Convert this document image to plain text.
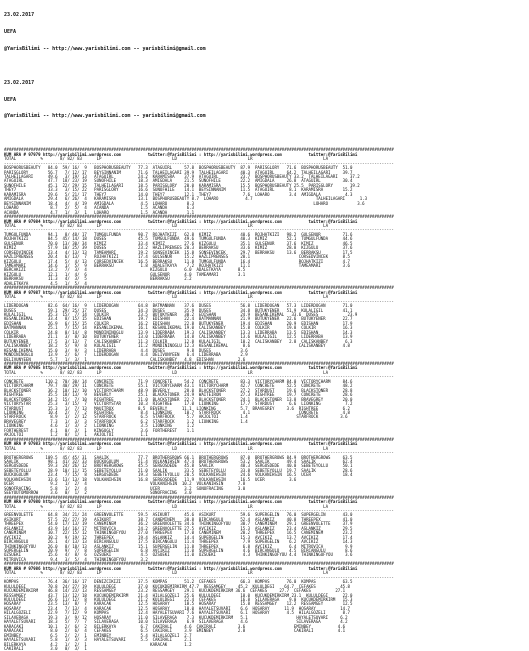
23.02.2017

UEFA

@YarisBilimi -- http://www.yarisbilimi.com -- yarisbilimi@gmail.com

23.02.2017

UEFA

@YarisBilimi -- http://www.yarisbilimi.com -- yarisbilimi@gmail.com

################################################################################################################################################################
KUM ARA # 97979 http://yarisbilimi.wordpress.com           twitter:@YarisBilimi : http://yarisbilimi.wordpress.com           twitter:@YarisBilimi
TOTAL          %       8/ 82/ 83      LP                             LD                             LR                             LA
----------------------------------------------------------------------------------------------------------------------------------------------------------------
BOSPHORUSBEAUTY   84.0  59/ 16/  9   BOSPHORUSBEAUTY   77.3  ATAGUIRL     57.8  BOSPHORUSBEAUTY  87.9  PARISGLORY   71.6  BOSPHORUSBEAUTY  51.0
PARISGLORY        56.7   7/ 12/ 17   BEYSINNANIM       71.6  TALHEILAGARI 39.9  TALHEILAGARI     40.3  ATAGUIRL     64.2  TALHEILAGARI     39.7
TALHEILAGARI      49.6   3/ 19/ 13   ATAGUIRL          24.2  KARAMISRA    37.9  ATAGUIRL         23.7  BOSPHORUSBEAUTY 33.2  TALHEILAGARI     37.2
ATAGUIRL          47.7  18/ 23/ 19   SUNOFHILE         18.3  AMIGDALA     21.5  SUNOFHILE        22.2  AMIGDALA     26.8  ATAGUIRL         30.4
SUNOFHILE         45.1  22/ 29/ 15   TALHEILAGARI      18.5  PARISGLORY   20.0  KARAMISRA        15.5  BOSPHORUSBEAUTY 25.5  PARISGLORY       19.2
THEY7             33.3   3/ 15/ 22   PARISGLORY        16.6  SUNOFHILE    14.1  BEYSINNANIM      11.5  ATAGUIRL      8.1  KARAMISRA        15.2
KARAMISRA         29.6   5/ 21/ 17   THEY7             14.0  THEY7        12.1  THEY7             7.6  LOHARO        3.4  AMIGDALA          4.3
AMIGDALA          29.4   6/ 26/  4   KARAMISRA         13.1  BOSPHORUSBEAUTY 8.7  LOHARO           4.7                          TALHEILAGARI      1.3
BEYSINNANIM       18.4   4/  4/ 19   AMIGDALA           4.5  LOHARO        8.3                                                 LOHARO            3.6
LOHARO             8.7   2/  5/  4   ACANDA             1.5  ACANDA        6.3
ACANDA             4.7   1/  3/  1   LOHARO             1.5  ACANDA        1.1
################################################################################################################################################################
KUM ARA # 97984 http://yarisbilimi.wordpress.com           twitter:@YarisBilimi : http://yarisbilimi.wordpress.com           twitter:@YarisBilimi
TOTAL          %       8/ 82/ 83      LP                             LD                             LR                             LA
----------------------------------------------------------------------------------------------------------------------------------------------------------------
TUMGULFUNDA       94.1   8/ 48/ 17   TUMGULFUNDA       90.7  ROJHATKIZI   62.8  KIMIZ            40.6  ROJHATKIZI   98.2  GULSENUR         71.6
ROJHATKIZI        84.5  45/ 14/ 18   DUSES             45.5  TUMGULFUNDA  49.6  TUMGULFUNDA      40.3  KIMIZ        52.1  TUMGULFUNDA      44.6
GULSENUR          70.0  13/ 30/ 34   KIMIZ             33.4  KIMIZ        27.6  KIZGULU          35.1  GULSENUR     37.6  KIMIZ            46.5
KIMIZ             57.9  10/ 25/ 39   DUSES             23.2  HAZLIPRENSES 20.3  BERRAKSU         33.6  KIMIZ        28.8  KIZGULU          37.6
CORSEDVINCEK      23.4   4/ 13/ 13   TAMEAMARI         19.2  SONSEVINCEK  15.8  SONSEVINCEK      29.7  BERRAKSU     13.6  BERRAKSU         17.5
HAZLIPRENSES      20.4   6/ 13/  7   ROJHATKIZI        17.4  GULSENUR     15.2  HAZLIPRENSES     20.1                    CORSEDVINCEK      8.5
KIZGULU           17.4   5/  4/ 13   CORSEDVINCEK      16.5  BERRAKSU     11.8  TUMGULFUNDA      16.4                    ROJHATKIZI        4.7
TAMEAMARI         14.6   1/  5/  9   BERRAKSU           1.8  ADALETKAYA    7.2  ROJHATKIZI       11.1                    TAMEAMARI         3.6
BERCAKIZI         13.2   7/  3/  4                          KIZGULU       6.0  ADALETKAYA       8.5
KIZGULU           12.1   1/  4/  6                          GULSENUR      4.0  TAMEAMARI        3.1
BERRAKSU          11.3   4/  3/  5                          BERRAKSU      2.2
ADALETKAYA         4.5   1/  5/  4
################################################################################################################################################################
KUM ARA # 97987 http://yarisbilimi.wordpress.com           twitter:@YarisBilimi : http://yarisbilimi.wordpress.com           twitter:@YarisBilimi
TOTAL          %       8/ 82/ 83      LP                             LD                             LR                             LA
----------------------------------------------------------------------------------------------------------------------------------------------------------------
LIDERDOGAN        82.6  64/ 16/  9   LIDERDOGAN        64.8  BATMANNAN    37.6  DUSES            56.8  LIDERDOGAN   57.3  LIDERDOGAN       71.0
DUSES             59.1  29/ 25/ 17   DUSES             34.3  DUSES        35.9  DUSES            34.8  BUTUKYENER   51.9  KULALIGIL        41.1
KULALIGIL         35.3  15/  7/ 14   COLKIR            23.5  BUTUKYENER   30.2  EDISHAN          24.9  BESANLIKEMAL   33.6  DUSES            23.9
KESANLIKEMAL      33.4   8/ 15/ 15   EDISHAN           19.7  EDISHAN      22.4  BATMANNAN        21.9  BUTUKYENER   22.6  BUTUKYENER       22.7
EDISHAN           26.9   6/ 15/ 15   COLKIR            16.2  EDISHAN      22.8  BUTUKYENER       19.4  EDISHAN      20.9  EDISHAN          17.9
BATMANNAN         25.1   7/ 15/ 14   KESANLIKEMAL      16.1  KESANLIKEMAL 19.0  CALISKANBEY      15.8  COLKIR       19.8  COLKIR           16.3
COLKIR            24.8   8/ 14/  8   MONDININOGLU      13.9  LIDERRABA    19.3  CALISKANBEY      13.3  LIDERRABA    13.5  EDISHAN          14.3
LIDERRABA         21.1   3/  8/ 10   BUTUKYENER        13.0  LIDERRABA    14.8  CALISKANBEY      13.6  KULALIGIL    12.5  LIDERRABA        13.9
BUTUKYENER        17.5   3/ 13/  7   CALISKANBEY       11.3  COLKIR       12.8  KULALIGIL        10.2  CALISKANBEY   2.8  CALISKANBEY       6.3
CALISKANBEY       18.2   5/  9/  8   KULALIGIL         11.2  MONDININOGLU 12.3  KESANLIKEMAL      8.6                    CALISKANBEY       4.8
KESANLIKEMAL      15.0   3/  9/  3   LIDERRABA          4.4  DUSES         9.8  DUSES            3.6
MONDININOGLU      13.9   2/  6/  7   LIDERDOGAN         4.4  DELIVUNYEEN   6.4  LIDERRABA        2.9
DELIVUNYEEN        5.7   1/  3/  1                          CALISKANBEY   4.8  EDISHAN          2.6
################################################################################################################################################################
KUM ARA # 97985 http://yarisbilimi.wordpress.com           twitter:@YarisBilimi : http://yarisbilimi.wordpress.com           twitter:@YarisBilimi
TOTAL          %       8/ 82/ 83      LP                             LD                             LR                             LA
----------------------------------------------------------------------------------------------------------------------------------------------------------------
CONCRETE         110.2  70/ 30/ 14   CONCRETE          71.9  CONCRETE     54.2  CONCRETE         83.3  VICTORYCHARM 84.0  VICTORYCHARM     84.6
VICTORYCHARM      79.7  40/ 29/ 11   CONCRETE          55.1  VICTORYCHARM 43.1  VICTORYCHARM     42.7  CONCRETE     52.5  CONCRETE         48.2
BLACKSTONER       36.2  10/ 12/ 10   VICTORYCHARM      48.9  BEVERLY      28.0  BLACKSTONER      27.2  STARDUST     19.6  BLACKSTONER      28.8
RIGHTREE          35.5  18/ 13/  9   BEVERLY           25.1  BLACKSTONER  24.9  WAITEIRON        27.3  RIGHTREE     19.7  CONCRETE         28.6
BLACKSTONER       34.2  15/  7/ 10   RIGHTREE          21.0  BLACKSTONER  22.7  BLACKSTONER      24.1  BLACKSTONER  13.8  BRAVEGREY        20.0
VICTORYSTAR       25.3   3/ 15/  7   VICTORYSTAR       10.3  RIGHTREE     17.0  LIONKING         17.7  STARDUST      6.6  LIONKING          7.2
STARDUST          15.3   1/  7/ 13   MAUITROX          8.5  BEVERLY      11.1  LIONKING          5.7  BRAVEGREY     3.6  RIGHTREE          6.2
LIONKING          10.4   2/  7/  2   RIGHTREE           8.4  LIONKING     10.7  STARFROCK         4.1                    CONCRETE          4.8
STARFROCK          8.9   1/  2/ 12   STARFROCK          6.5  STARFROCK     5.7  AKJOLTOI         1.4                    STARFROCK         3.6
BRAVEGREY          7.3   1/  3/  3   STARFROCK          6.2  STARFROCK     1.2  LIONKING         1.4
LIONKING           4.6   1/  3/  2   LIONKING           3.5  LIONKING      1.2
FORTHEREST         4.1   0/  3/  1   KINGUGLY           3.6  FORTHEREST    1.1
AKJOLTOI           1.2   0/  1/  1   AKJOLTOI           1.1
################################################################################################################################################################
KUM ARA # 97983 http://yarisbilimi.wordpress.com           twitter:@YarisBilimi : http://yarisbilimi.wordpress.com           twitter:@YarisBilimi
TOTAL          %       8/ 82/ 83      LP                             LD                             LR                             LA
----------------------------------------------------------------------------------------------------------------------------------------------------------------
BROTHERGROWS     109.5  45/ 45/ 31   SAALIK            77.7  BROTHERGROWS 66.1  BROTHERGROWS     87.0  BROTHERGROWS 84.9  BROTHERGROWS     63.5
SAALIK            98.1  41/ 32/ 33   BUCKUGULUM        51.4  VOLKANIHSIN  47.4  BROTHERGROWS     53.2  SAALIK       49.4  SAALIK           62.4
SERGOSDEDE        59.3  24/ 26/ 12   BROTHERGROWS      45.5  SERGOSDEDE   45.8  SAALIK           48.3  SERGOSDEDE   40.0  SEBETEYOLLU      50.1
SEBETEYOLLU       28.9  10/ 11/ 15   SEBETEYOLLU       21.0  SAALIK       33.5  SEBETEYOLLU      33.8  SEBETEYOLLU  19.7  SAALIK           28.6
BUCKUGULUM        23.4   7/ 15/  8   SERGOSDEDE        19.3  SEBETEYOLLU  20.5  VOLKANIHSIN      24.6  VOLKANIHSIN  16.5  UCER             18.4
VOLKANIHSIN       33.6  13/ 13/ 18   VOLKANIHSIN       16.8  SERGOSDEDE   11.9  VOLKANIHSIN      16.5  UCER          3.6
UCER               9.2   1/  2/  4                          VOLKANIHSIN  10.2  VOLKANIHSIN      7.8
SONOFRACING        5.8   1/  2/  4                          UCER          3.2  SONOFRACING      3.0
SEEYOUTOMORROW     3.6   0/  1/  2                          SONOFRACING   3.0
################################################################################################################################################################
KUM ARA # 97980 http://yarisbilimi.wordpress.com           twitter:@YarisBilimi : http://yarisbilimi.wordpress.com           twitter:@YarisBilimi
TOTAL          %       8/ 82/ 83      LP                             LD                             LR                             LA
----------------------------------------------------------------------------------------------------------------------------------------------------------------
GREENVOLETTE      64.8  34/ 21/ 24   GREENVOLETTE      59.5  ASIKURT      45.6  ASIKURT          59.6  SUPERGELIN   76.0  SUPERGELIN       43.0
ASIKURT           57.5  22/ 27/ 19   ASIKURT           38.7  CANEMINEM    38.8  BIRCANGULU       52.4  ASLANKIZ     40.8  THREEPEX         41.0
THREEPEX          54.0  17/ 13/ 19   CANEMINEM         36.2  GREENVOLETTE 34.6  THINKINGOFYOU    30.7  CANEMINEM    29.1  GREENVOLETTE     37.9
ASLANKIZ          43.9  14/ 16/ 17   MITROVICA         24.2  GREENVOLETTE 27.5  AVCIKIZ          15.3  ASLANKIZ     23.4  ASLANKIZ         29.5
CANEMINEM         30.7  22/ 15/ 12   THINKINGOFYOU     27.0  THREEPEX     17.0  CANEMINEM        20.2  THREEPEX     16.5  CANEMINEM        23.2
AVCIKIZ           30.2   9/ 19/ 12   THREEPEX          19.4  ASLANKIZ     14.4  SUPERGELIN       15.3  AVCIKIZ      13.7  AVCIKIZ          17.4
BIRCANGULU        26.1   4/ 13/ 13   BIRCANGULU        17.5  BIRCANGULU   11.4  THREEPEX          7.9  SUPERGELIN    6.2  AVCIKIZ          14.3
THINKINGOFYOU     26.0   8/ 18/ 13   ASLANKIZ          15.1  SUPERGELIN   11.8  THREEPEX          6.8  AVCIKIZ       6.4  MITROVICA         9.9
SUPERGELIN        20.9   9/  7/  8   SUPERGELIN         6.8  AVCIKIZ      11.0  SUPERGELIN        4.6  BIRCANGULU    4.5  BIRCANGULU        8.6
OZSUEKI           15.6   4/  8/  6   OZSUEKI            4.5  OZSUEKI      11.0  OZSUEKI           4.3  THINKINGOFYOU 4.4  THINKINGOFYOU     3.6
MITROVICA          9.4   3/  5/  4   THINKINGOFYOU      3.2
################################################################################################################################################################
KUM ARA # 97986 http://yarisbilimi.wordpress.com           twitter:@YarisBilimi : http://yarisbilimi.wordpress.com           twitter:@YarisBilimi
TOTAL          %       8/ 82/ 83      LP                             LD                             LR                             LA
----------------------------------------------------------------------------------------------------------------------------------------------------------------
KOMPAS            76.4  36/ 16/ 17   DENIZCIKIZI       37.5  KOMPAS       51.2  CEFAKES          66.3  KOMPAS       76.0  KOMPAS           63.5
KULULDEGI         70.8  24/ 27/ 19   KULULDEGI         37.0  KUCUKDEMIRKIRM 47.7  RESSAMGEY     45.2  KULULDEGI    64.7  CEFAKES          45.8
KUCUKDEMIRKIRM    46.8  14/ 23/ 13   RESSAMGEY         23.2  RESSAMGEY    29.1  KUCUKDEMIRKIRM 36.6  CEFAKES     27.7  CEFAKES          27.1
RESSAMGEY         43.7  13/ 12/ 18   KUCUKDEMIRKIRM    21.4  HILALGOZELI  25.6  KULULDEGI        18.0  KUCUKDEMIRKIRM 23.1  KULULDEGI      22.0
KULULDEGI         26.6  11/ 12/  8   KULULDEGI         21.2  KULULDEGI    22.4  CEFAKES          16.8  SILAVERAGA    9.0  KUCUKDEMIRKIRM   15.3
HOSARAY           23.5  13/  8/  7   KARACAK           12.5  HOSARAY      18.5  HOSARAY          15.8  RESSAMGEY    12.2  RESSAMGEY        12.5
HOSARAY           23.4   7/ 13/  4   KARACAK           12.5  HOSARAY      18.0  HAYALETSUVARI    6.6  HOSARAY      11.9  HOSARAY          14.7
HILALGOZELI       22.9   7/ 12/  9   KOMPAS            12.4  HAYALETSUVARI 7.6  HAYALETSUVARI    6.1  HOSARAY       4.5  HILALGOZELI       8.7
SILAVERAGA        19.3   3/  9/ 12   HOSARAY           11.0  SILAVERAGA    7.3  KUCUKDEMIRKIRM   5.1                    HAYALETSUVARI     6.2
HAYALETSUVARI     18.3   5/  7/  7   SILAVERAGA        10.0  SILAVERAGA    6.9  SILAVERAGA       4.6                    SILAVERAGA        4.2
KARACAKI          10.1   2/  6/  2   BILERKAYA          6.7  CAKIRALI     4.6  CAKIRALI         3.6                    EMINBEY           4.6
KARACAKI           8.0   2/  6/  4   CEFAKES            6.5  CAKIRALI     3.9  EMINBEY          2.8                    CAKIRALI          4.1
EMINBEY            6.5   2/  2/  1   EMINBEY            5.4  HILALGOZELI  2.7
HAYALETSUVARI      5.8   1/  3/  3   HAYALETSUVARI      5.5  CAKIRALI     2.1
BILERKAYA          4.2   1/  2/  1                          KARACAK       1.2
CAKIRALI           3.0   0/  3/  1
